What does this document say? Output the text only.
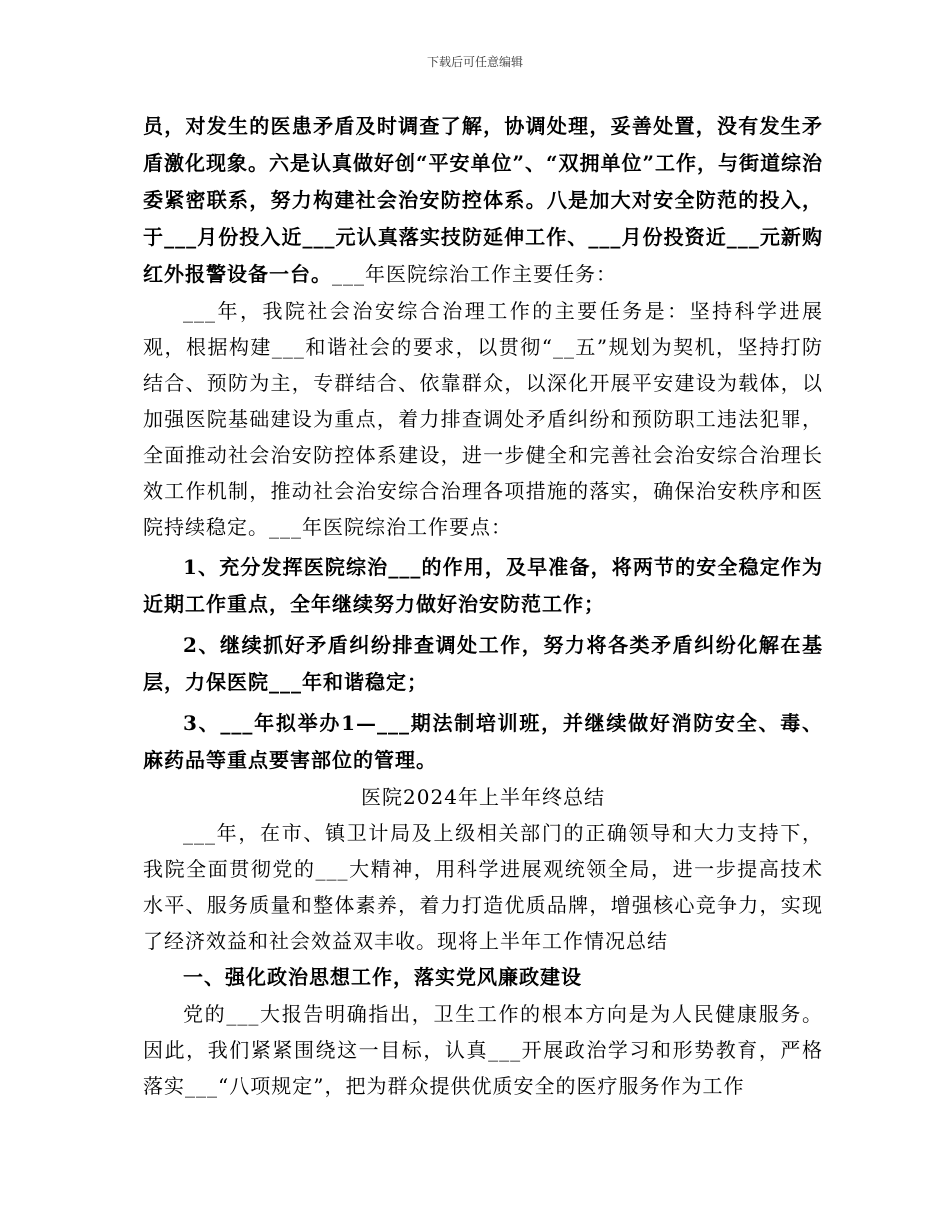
下载后可任意编辑

员，对发生的医患矛盾及时调查了解，协调处理，妥善处置，没有发生矛盾激化现象。六是认真做好创“平安单位”、“双拥单位”工作，与街道综治委紧密联系，努力构建社会治安防控体系。八是加大对安全防范的投入，于___月份投入近___元认真落实技防延伸工作、___月份投资近___元新购红外报警设备一台。___年医院综治工作主要任务：

___年，我院社会治安综合治理工作的主要任务是：坚持科学进展观，根据构建___和谐社会的要求，以贯彻“__五”规划为契机，坚持打防结合、预防为主，专群结合、依靠群众，以深化开展平安建设为载体，以加强医院基础建设为重点，着力排查调处矛盾纠纷和预防职工违法犯罪，全面推动社会治安防控体系建设，进一步健全和完善社会治安综合治理长效工作机制，推动社会治安综合治理各项措施的落实，确保治安秩序和医院持续稳定。___年医院综治工作要点：

1、充分发挥医院综治___的作用，及早准备，将两节的安全稳定作为近期工作重点，全年继续努力做好治安防范工作；

2、继续抓好矛盾纠纷排查调处工作，努力将各类矛盾纠纷化解在基层，力保医院___年和谐稳定；

3、___年拟举办1—___期法制培训班，并继续做好消防安全、毒、麻药品等重点要害部位的管理。

医院2024年上半年终总结

___年，在市、镇卫计局及上级相关部门的正确领导和大力支持下，我院全面贯彻党的___大精神，用科学进展观统领全局，进一步提高技术水平、服务质量和整体素养，着力打造优质品牌，增强核心竞争力，实现了经济效益和社会效益双丰收。现将上半年工作情况总结

一、强化政治思想工作，落实党风廉政建设

党的___大报告明确指出，卫生工作的根本方向是为人民健康服务。因此，我们紧紧围绕这一目标，认真___开展政治学习和形势教育，严格落实___“八项规定”，把为群众提供优质安全的医疗服务作为工作
